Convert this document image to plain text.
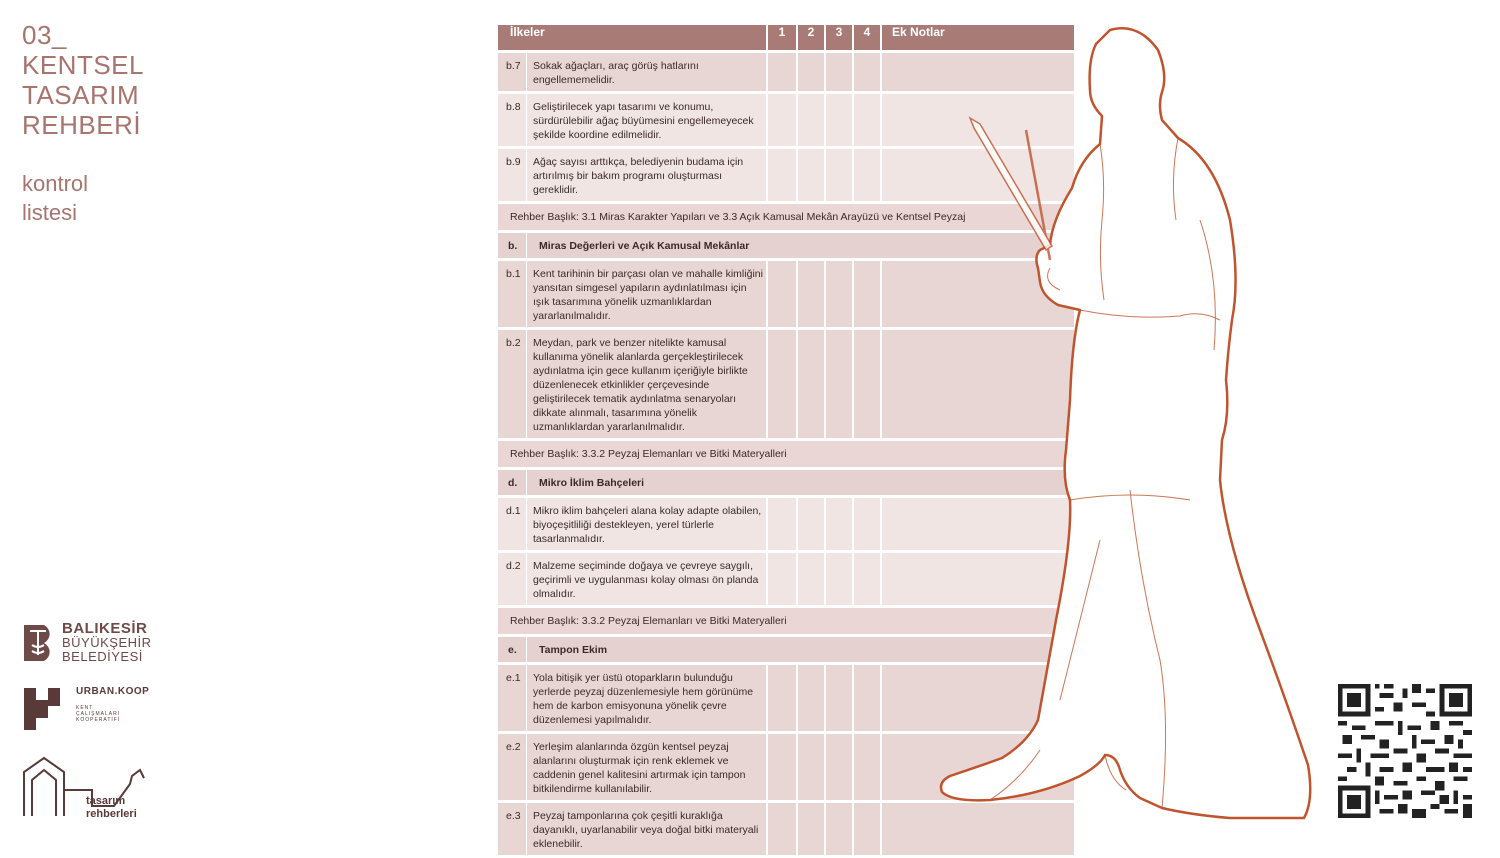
03_
KENTSEL
TASARIM
REHBERİ
kontrol
listesi
BALIKESİR
BÜYÜKŞEHİR
BELEDİYESİ
URBAN.KOOP
KENT
ÇALIŞMALARI
KOOPERATİFİ
tasarım
rehberleri
İlkeler		1	2	3	4	Ek Notlar
b.7	Sokak ağaçları, araç görüş hatlarını engellememelidir.					
b.8	Geliştirilecek yapı tasarımı ve konumu, sürdürülebilir ağaç büyümesini engellemeyecek şekilde koordine edilmelidir.					
b.9	Ağaç sayısı arttıkça, belediyenin budama için artırılmış bir bakım programı oluşturması gereklidir.					
Rehber Başlık: 3.1 Miras Karakter Yapıları ve 3.3 Açık Kamusal Mekân Arayüzü ve Kentsel Peyzaj						
b.	Miras Değerleri ve Açık Kamusal Mekânlar					
b.1	Kent tarihinin bir parçası olan ve mahalle kimliğini yansıtan simgesel yapıların aydınlatılması için ışık tasarımına yönelik uzmanlıklardan yararlanılmalıdır.					
b.2	Meydan, park ve benzer nitelikte kamusal kullanıma yönelik alanlarda gerçekleştirilecek aydınlatma için gece kullanım içeriğiyle birlikte düzenlenecek etkinlikler çerçevesinde geliştirilecek tematik aydınlatma senaryoları dikkate alınmalı, tasarımına yönelik uzmanlıklardan yararlanılmalıdır.					
Rehber Başlık: 3.3.2 Peyzaj Elemanları ve Bitki Materyalleri						
d.	Mikro İklim Bahçeleri					
d.1	Mikro iklim bahçeleri alana kolay adapte olabilen, biyoçeşitliliği destekleyen, yerel türlerle tasarlanmalıdır.					
d.2	Malzeme seçiminde doğaya ve çevreye saygılı, geçirimli ve uygulanması kolay olması ön planda olmalıdır.					
Rehber Başlık: 3.3.2 Peyzaj Elemanları ve Bitki Materyalleri						
e.	Tampon Ekim					
e.1	Yola bitişik yer üstü otoparkların bulunduğu yerlerde peyzaj düzenlemesiyle hem görünüme hem de karbon emisyonuna yönelik çevre düzenlemesi yapılmalıdır.					
e.2	Yerleşim alanlarında özgün kentsel peyzaj alanlarını oluşturmak için renk eklemek ve caddenin genel kalitesini artırmak için tampon bitkilendirme kullanılabilir.					
e.3	Peyzaj tamponlarına çok çeşitli kuraklığa dayanıklı, uyarlanabilir veya doğal bitki materyali eklenebilir.					
